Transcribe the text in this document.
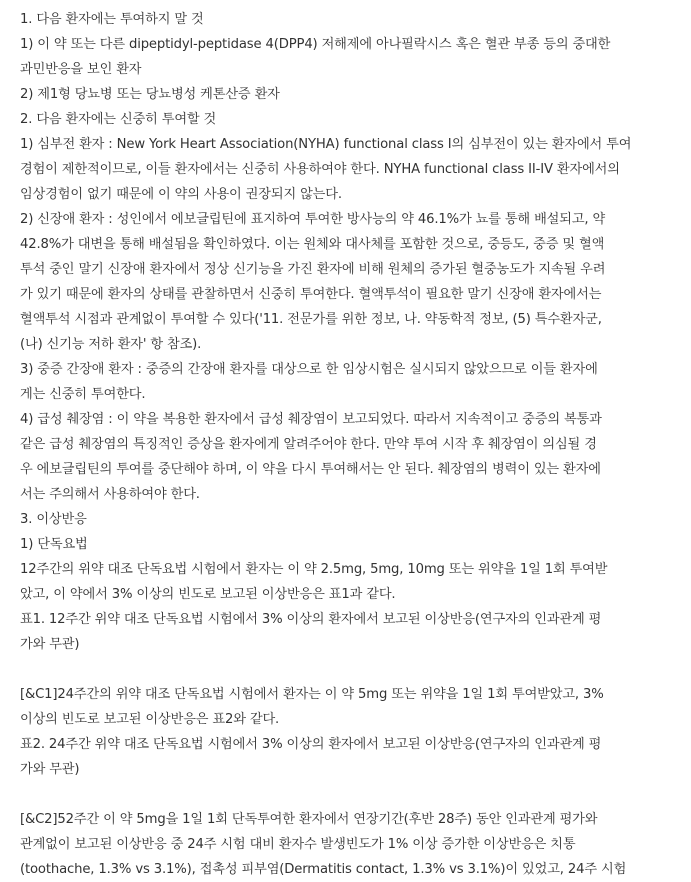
1. 다음 환자에는 투여하지 말 것
1) 이 약 또는 다른 dipeptidyl-peptidase 4(DPP4) 저해제에 아나필락시스 혹은 혈관 부종 등의 중대한
과민반응을 보인 환자
2) 제1형 당뇨병 또는 당뇨병성 케톤산증 환자
2. 다음 환자에는 신중히 투여할 것
1) 심부전 환자 : New York Heart Association(NYHA) functional class I의 심부전이 있는 환자에서 투여
경험이 제한적이므로, 이들 환자에서는 신중히 사용하여야 한다. NYHA functional class II-IV 환자에서의
임상경험이 없기 때문에 이 약의 사용이 권장되지 않는다.
2) 신장애 환자 : 성인에서 에보글립틴에 표지하여 투여한 방사능의 약 46.1%가 뇨를 통해 배설되고, 약
42.8%가 대변을 통해 배설됨을 확인하였다. 이는 원체와 대사체를 포함한 것으로, 중등도, 중증 및 혈액
투석 중인 말기 신장애 환자에서 정상 신기능을 가진 환자에 비해 원체의 증가된 혈중농도가 지속될 우려
가 있기 때문에 환자의 상태를 관찰하면서 신중히 투여한다. 혈액투석이 필요한 말기 신장애 환자에서는
혈액투석 시점과 관계없이 투여할 수 있다('11. 전문가를 위한 정보, 나. 약동학적 정보, (5) 특수환자군,
(나) 신기능 저하 환자' 항 참조).
3) 중증 간장애 환자 : 중증의 간장애 환자를 대상으로 한 임상시험은 실시되지 않았으므로 이들 환자에
게는 신중히 투여한다.
4) 급성 췌장염 : 이 약을 복용한 환자에서 급성 췌장염이 보고되었다. 따라서 지속적이고 중증의 복통과
같은 급성 췌장염의 특징적인 증상을 환자에게 알려주어야 한다. 만약 투여 시작 후 췌장염이 의심될 경
우 에보글립틴의 투여를 중단해야 하며, 이 약을 다시 투여해서는 안 된다. 췌장염의 병력이 있는 환자에
서는 주의해서 사용하여야 한다.
3. 이상반응
1) 단독요법
12주간의 위약 대조 단독요법 시험에서 환자는 이 약 2.5mg, 5mg, 10mg 또는 위약을 1일 1회 투여받
았고, 이 약에서 3% 이상의 빈도로 보고된 이상반응은 표1과 같다.
표1. 12주간 위약 대조 단독요법 시험에서 3% 이상의 환자에서 보고된 이상반응(연구자의 인과관계 평
가와 무관)
[&C1]24주간의 위약 대조 단독요법 시험에서 환자는 이 약 5mg 또는 위약을 1일 1회 투여받았고, 3%
이상의 빈도로 보고된 이상반응은 표2와 같다.
표2. 24주간 위약 대조 단독요법 시험에서 3% 이상의 환자에서 보고된 이상반응(연구자의 인과관계 평
가와 무관)
[&C2]52주간 이 약 5mg을 1일 1회 단독투여한 환자에서 연장기간(후반 28주) 동안 인과관계 평가와
관계없이 보고된 이상반응 중 24주 시험 대비 환자수 발생빈도가 1% 이상 증가한 이상반응은 치통
(toothache, 1.3% vs 3.1%), 접촉성 피부염(Dermatitis contact, 1.3% vs 3.1%)이 있었고, 24주 시험
